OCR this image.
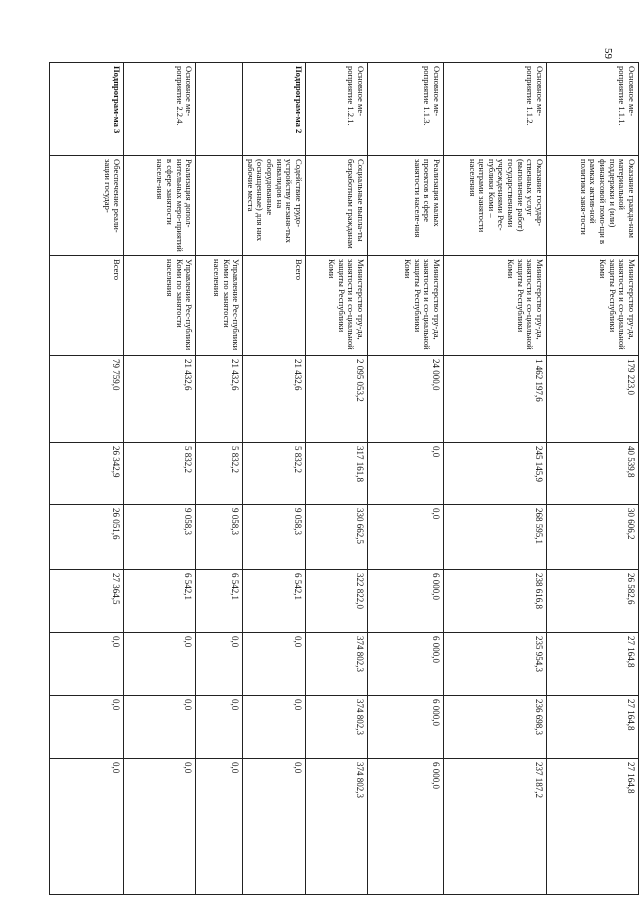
59
Основное ме-роприятие 1.1.1.	Оказание гражда-нам материальной поддержки и (или) финансовой помо-щи в рамках актив-ной политики заня-тости	Министерство тру-да, занятости и со-циальной защиты Республики Коми	179 223,0	40 539,8	30 606,2	26 582,6	27 164,8	27 164,8	27 164,8
Основное ме-роприятие 1.1.2.	Оказание государ-ственных услуг (выполнение работ) государственными учреждениями Рес-публики Коми – центрами занятости населения	Министерство тру-да, занятости и со-циальной защиты Республики Коми	1 462 197,6	245 145,9	268 595,1	238 616,8	235 954,3	236 698,3	237 187,2
Основное ме-роприятие 1.1.3.	Реализация малых проектов в сфере занятости населе-ния	Министерство тру-да, занятости и со-циальной защиты Республики Коми	24 000,0	0,0	0,0	6 000,0	6 000,0	6 000,0	6 000,0
Основное ме-роприятие 1.2.1.	Социальные выпла-ты безработным гражданам	Министерство тру-да, занятости и со-циальной защиты Республики Коми	2 095 053,2	317 161,8	330 662,5	322 822,0	374 802,3	374 802,3	374 802,3
Подпрограм-ма 2	Содействие трудо-устройству незаня-тых инвалидов на оборудованные (оснащенные) для них рабочие места	Всего	21 432,6	5 832,2	9 058,3	6 542,1	0,0	0,0	0,0
		Управление Рес-публики Коми по занятости населения	21 432,6	5 832,2	9 058,3	6 542,1	0,0	0,0	0,0
Основное ме-роприятие 2.2.4.	Реализация допол-нительных меро-приятий в сфере занятости населе-ния	Управление Рес-публики Коми по занятости населения	21 432,6	5 832,2	9 058,3	6 542,1	0,0	0,0	0,0
Подпрограм-ма 3	Обеспечение реали-зации государ-	Всего	79 759,0	26 342,9	26 051,6	27 364,5	0,0	0,0	0,0
